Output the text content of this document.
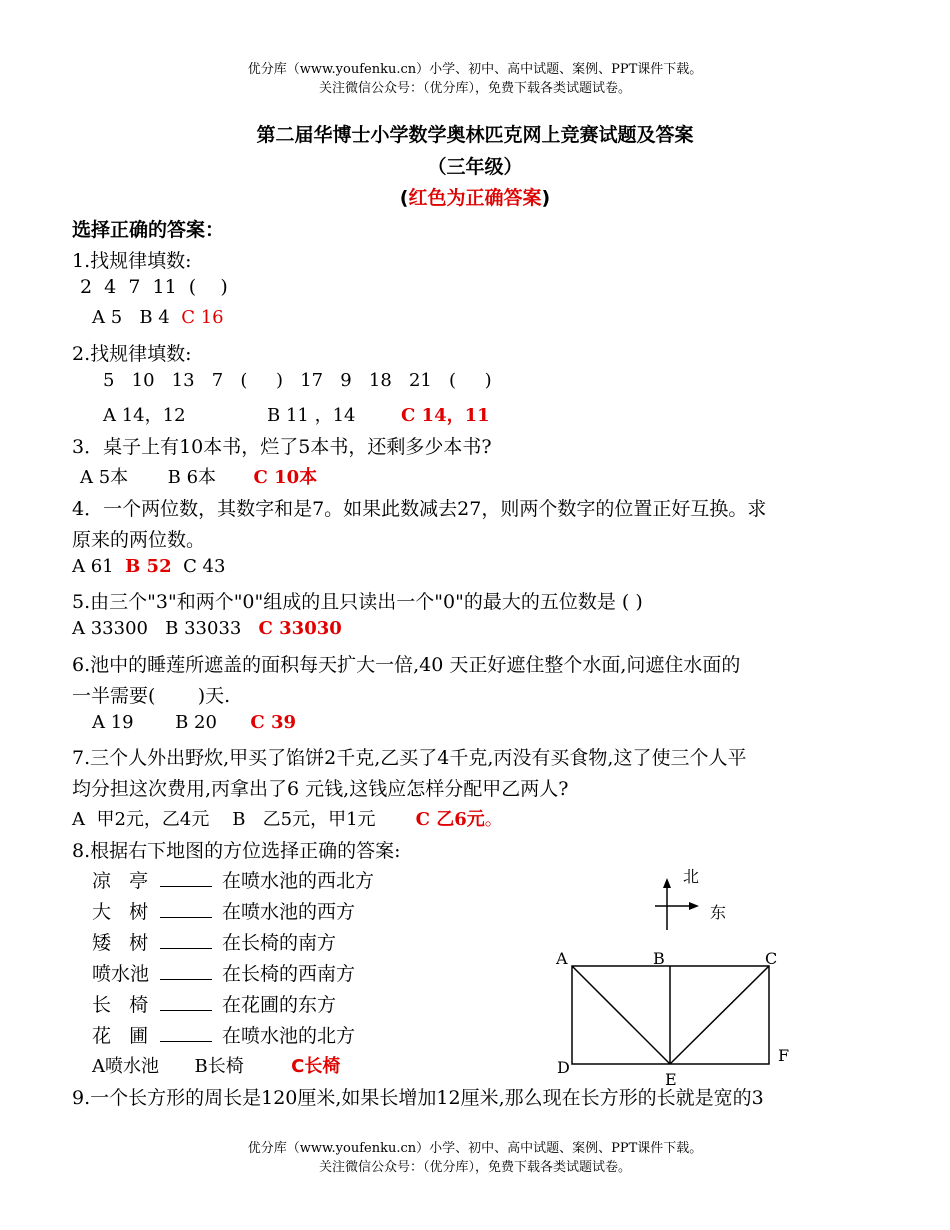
优分库（www.youfenku.cn）小学、初中、高中试题、案例、PPT课件下载。
关注微信公众号：（优分库），免费下载各类试题试卷。
第二届华博士小学数学奥林匹克网上竞赛试题及答案
（三年级）
(红色为正确答案)
选择正确的答案：
1.找规律填数:
2  4  7  11  (    )
A 5 B 4 C 16
2.找规律填数:
5   10   13   7   (     )   17   9   18   21   (     )
A 14，12	B 11 ，14	C 14，11
3．桌子上有10本书，烂了5本书，还剩多少本书?
A 5本 B 6本 C 10本
4．一个两位数，其数字和是7。如果此数减去27，则两个数字的位置正好互换。求
原来的两位数。
A 61 B 52 C 43
5.由三个"3"和两个"0"组成的且只读出一个"0"的最大的五位数是 ( )
A 33300 B 33033 C 33030
6.池中的睡莲所遮盖的面积每天扩大一倍,40 天正好遮住整个水面,问遮住水面的
一半需要(       )天.
A 19 B 20 C 39
7.三个人外出野炊,甲买了馅饼2千克,乙买了4千克,丙没有买食物,这了使三个人平
均分担这次费用,丙拿出了6 元钱,这钱应怎样分配甲乙两人?
A  甲2元，乙4元 B   乙5元，甲1元 C 乙6元。
8.根据右下地图的方位选择正确的答案:
凉   亭	在喷水池的西北方
大   树	在喷水池的西方
矮   树	在长椅的南方
喷水池	在长椅的西南方
长   椅	在花圃的东方
花   圃	在喷水池的北方
A喷水池 B长椅	C长椅
北
东
A	B	C
D
E
F
9.一个长方形的周长是120厘米,如果长增加12厘米,那么现在长方形的长就是宽的3
优分库（www.youfenku.cn）小学、初中、高中试题、案例、PPT课件下载。
关注微信公众号：（优分库），免费下载各类试题试卷。
